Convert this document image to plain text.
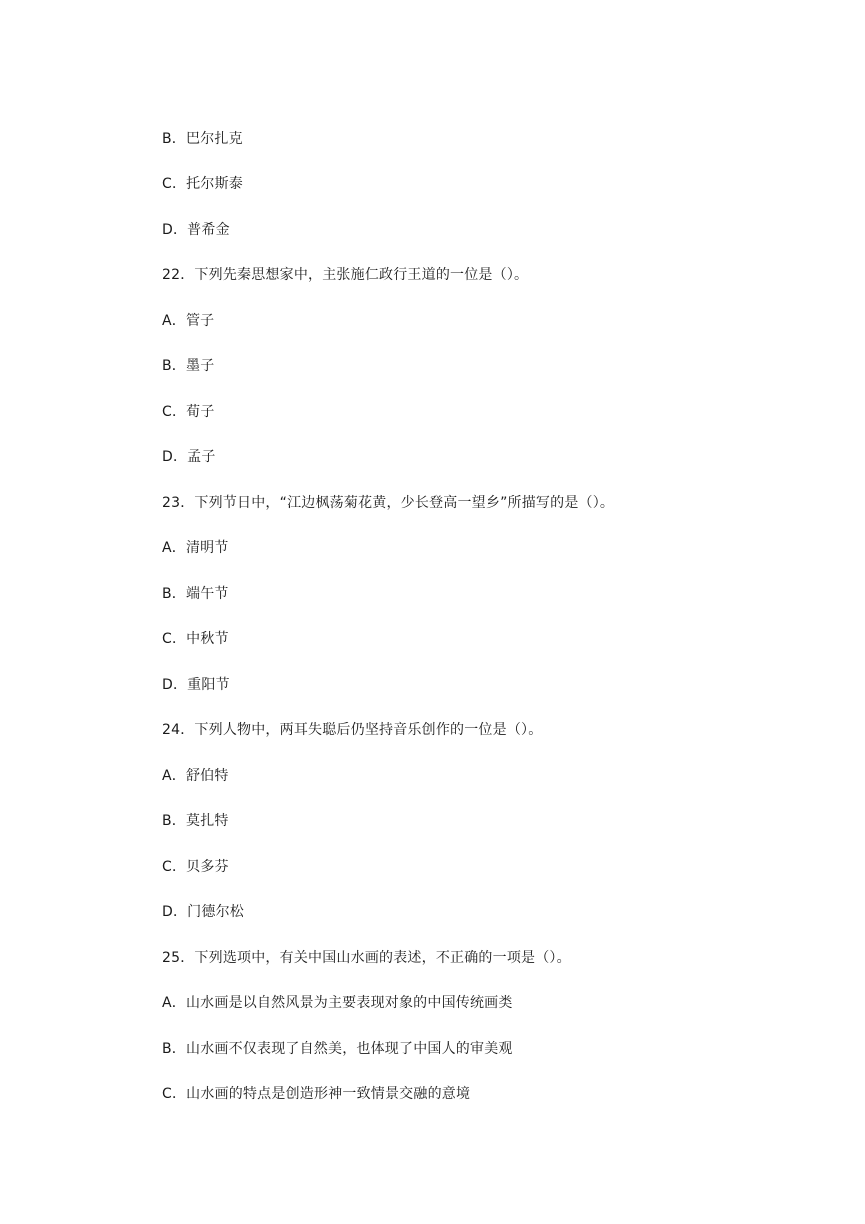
B．巴尔扎克
C．托尔斯泰
D．普希金
22．下列先秦思想家中，主张施仁政行王道的一位是（）。
A．管子
B．墨子
C．荀子
D．孟子
23．下列节日中，“江边枫荡菊花黄，少长登高一望乡”所描写的是（）。
A．清明节
B．端午节
C．中秋节
D．重阳节
24．下列人物中，两耳失聪后仍坚持音乐创作的一位是（）。
A．舒伯特
B．莫扎特
C．贝多芬
D．门德尔松
25．下列选项中，有关中国山水画的表述，不正确的一项是（）。
A．山水画是以自然风景为主要表现对象的中国传统画类
B．山水画不仅表现了自然美，也体现了中国人的审美观
C．山水画的特点是创造形神一致情景交融的意境
